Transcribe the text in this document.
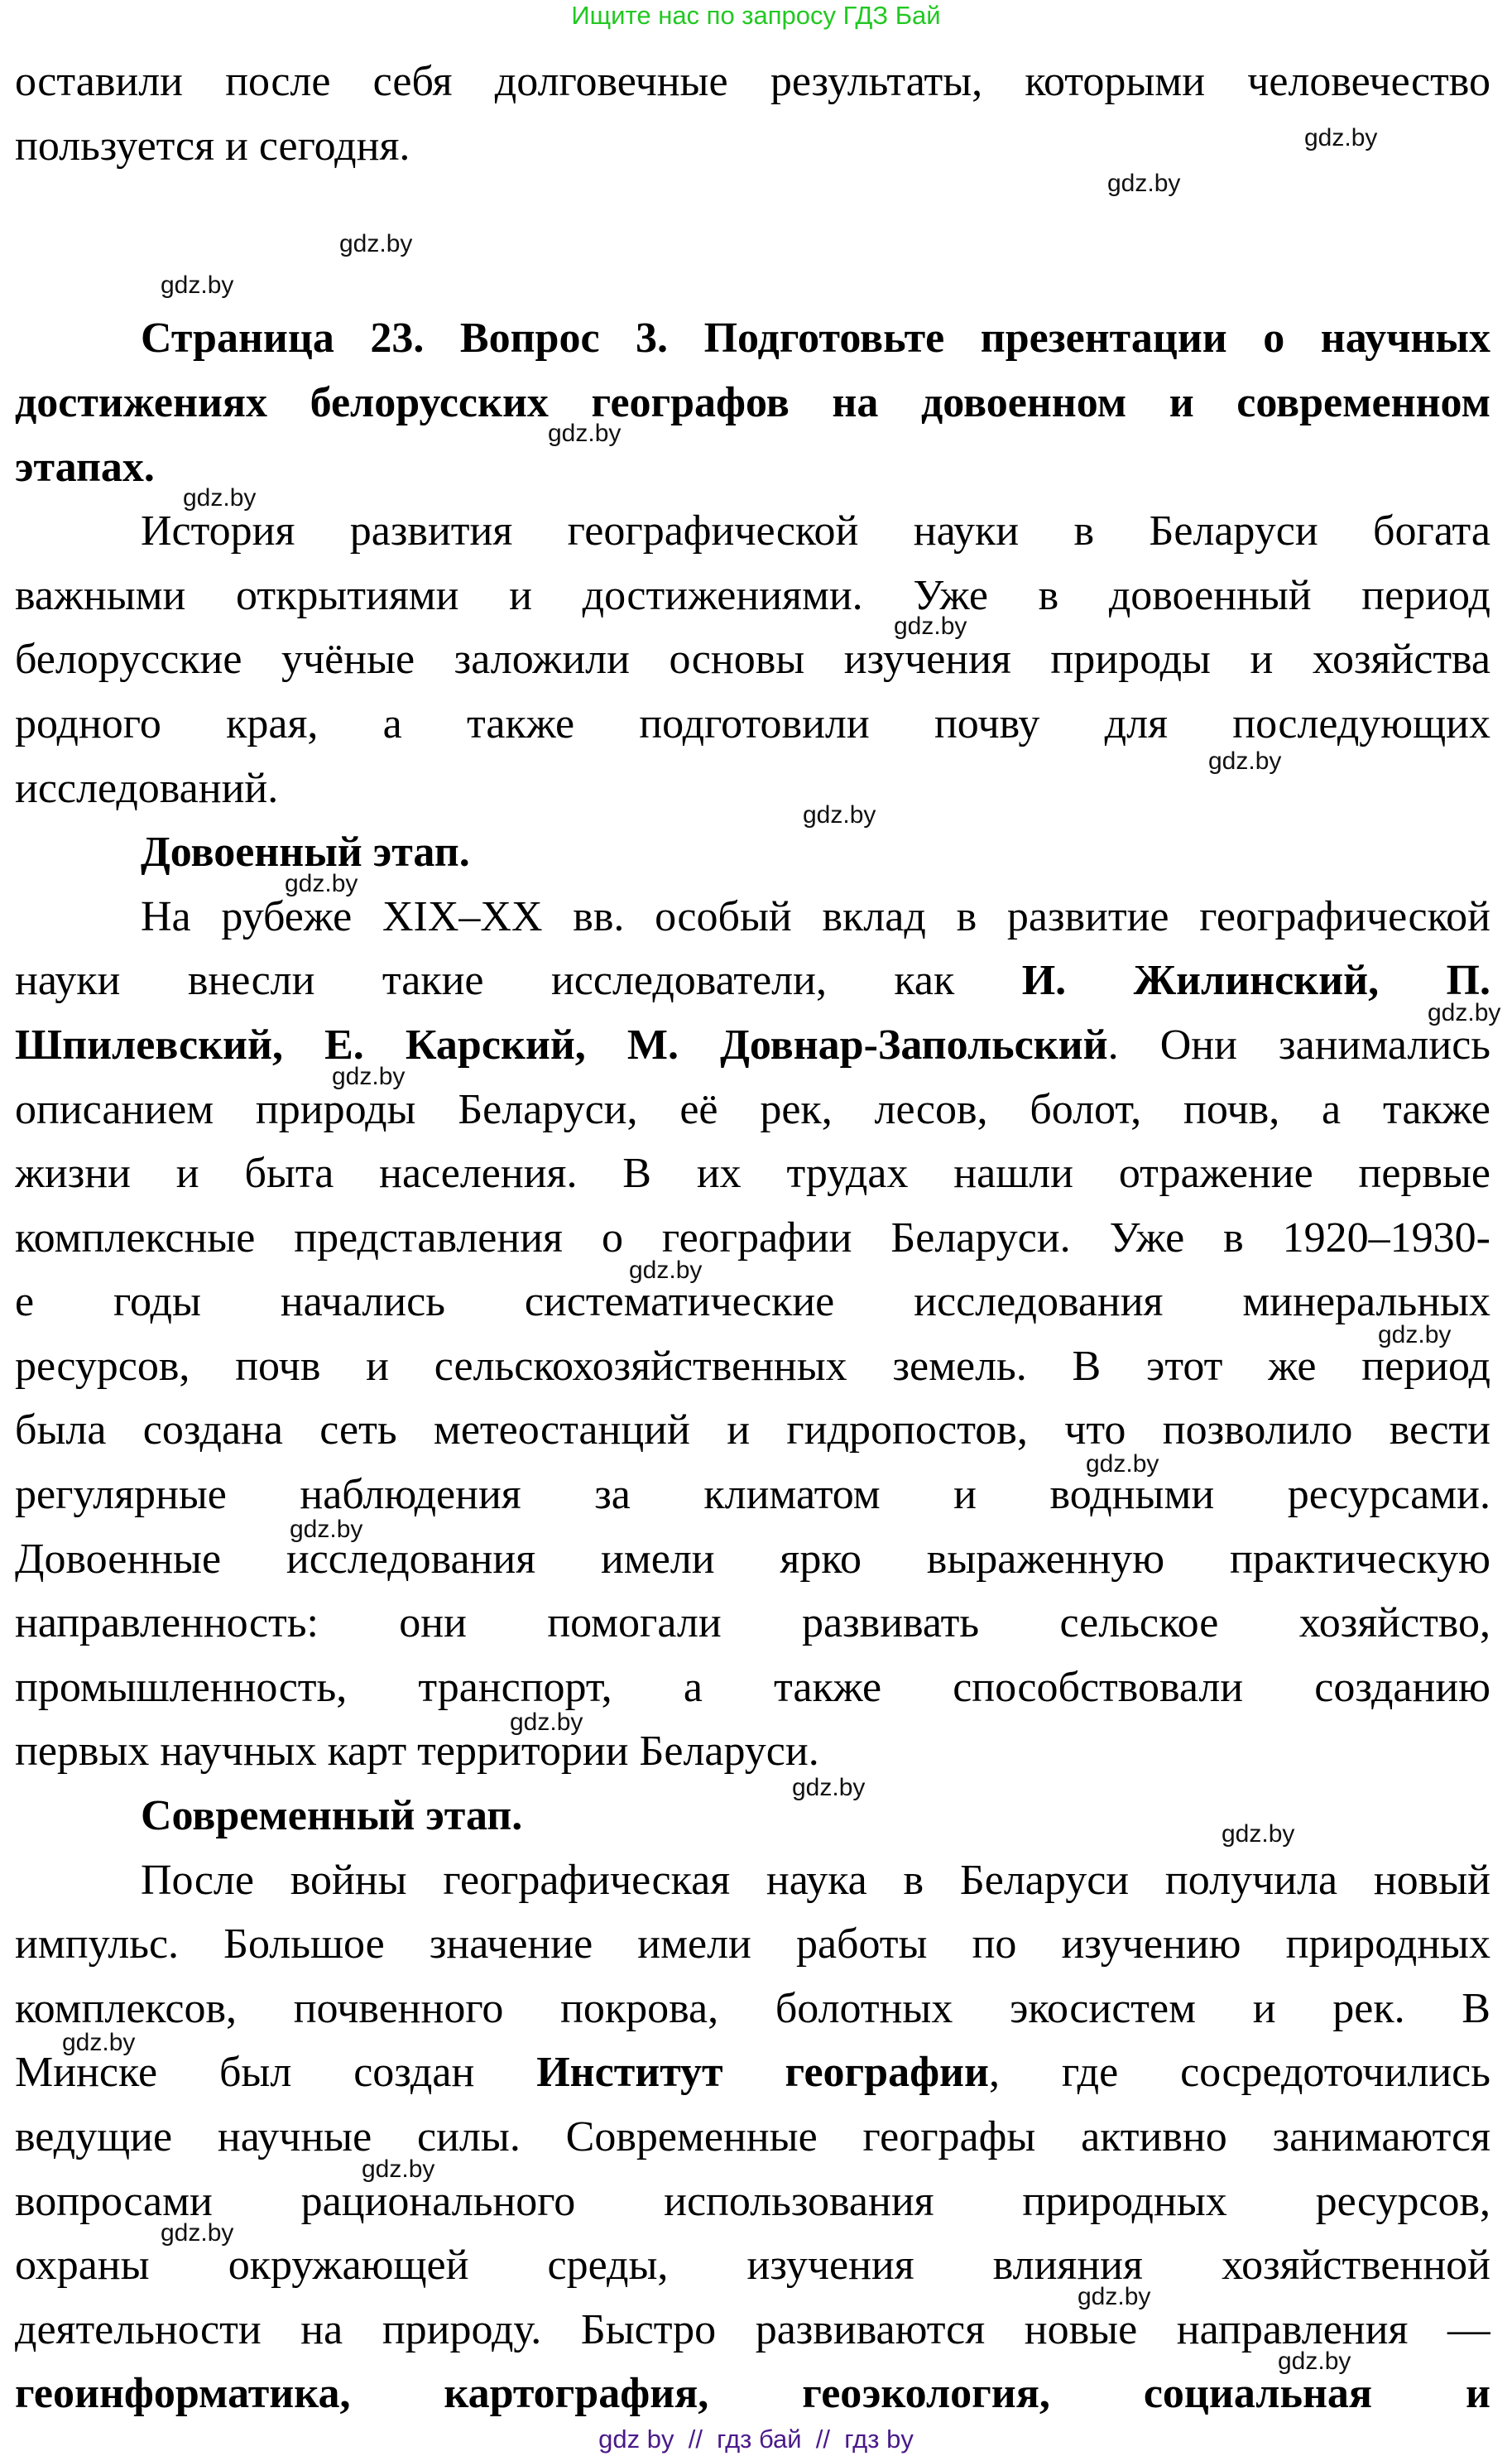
Ищите нас по запросу ГДЗ Бай
оставили после себя долговечные результаты, которыми человечество
пользуется и сегодня.
Страница 23. Вопрос 3. Подготовьте презентации о научных
достижениях белорусских географов на довоенном и современном
этапах.
История развития географической науки в Беларуси богата
важными открытиями и достижениями. Уже в довоенный период
белорусские учёные заложили основы изучения природы и хозяйства
родного края, а также подготовили почву для последующих
исследований.
Довоенный этап.
На рубеже XIX–XX вв. особый вклад в развитие географической
науки внесли такие исследователи, как И. Жилинский, П.
Шпилевский, Е. Карский, М. Довнар-Запольский. Они занимались
описанием природы Беларуси, её рек, лесов, болот, почв, а также
жизни и быта населения. В их трудах нашли отражение первые
комплексные представления о географии Беларуси. Уже в 1920–1930-
е годы начались систематические исследования минеральных
ресурсов, почв и сельскохозяйственных земель. В этот же период
была создана сеть метеостанций и гидропостов, что позволило вести
регулярные наблюдения за климатом и водными ресурсами.
Довоенные исследования имели ярко выраженную практическую
направленность: они помогали развивать сельское хозяйство,
промышленность, транспорт, а также способствовали созданию
первых научных карт территории Беларуси.
Современный этап.
После войны географическая наука в Беларуси получила новый
импульс. Большое значение имели работы по изучению природных
комплексов, почвенного покрова, болотных экосистем и рек. В
Минске был создан Институт географии, где сосредоточились
ведущие научные силы. Современные географы активно занимаются
вопросами рационального использования природных ресурсов,
охраны окружающей среды, изучения влияния хозяйственной
деятельности на природу. Быстро развиваются новые направления —
геоинформатика, картография, геоэкология, социальная и
gdz.by
gdz.by
gdz.by
gdz.by
gdz.by
gdz.by
gdz.by
gdz.by
gdz.by
gdz.by
gdz.by
gdz.by
gdz.by
gdz.by
gdz.by
gdz.by
gdz.by
gdz.by
gdz.by
gdz.by
gdz.by
gdz.by
gdz.by
gdz.by
gdz by  //  гдз бай  //  гдз by
